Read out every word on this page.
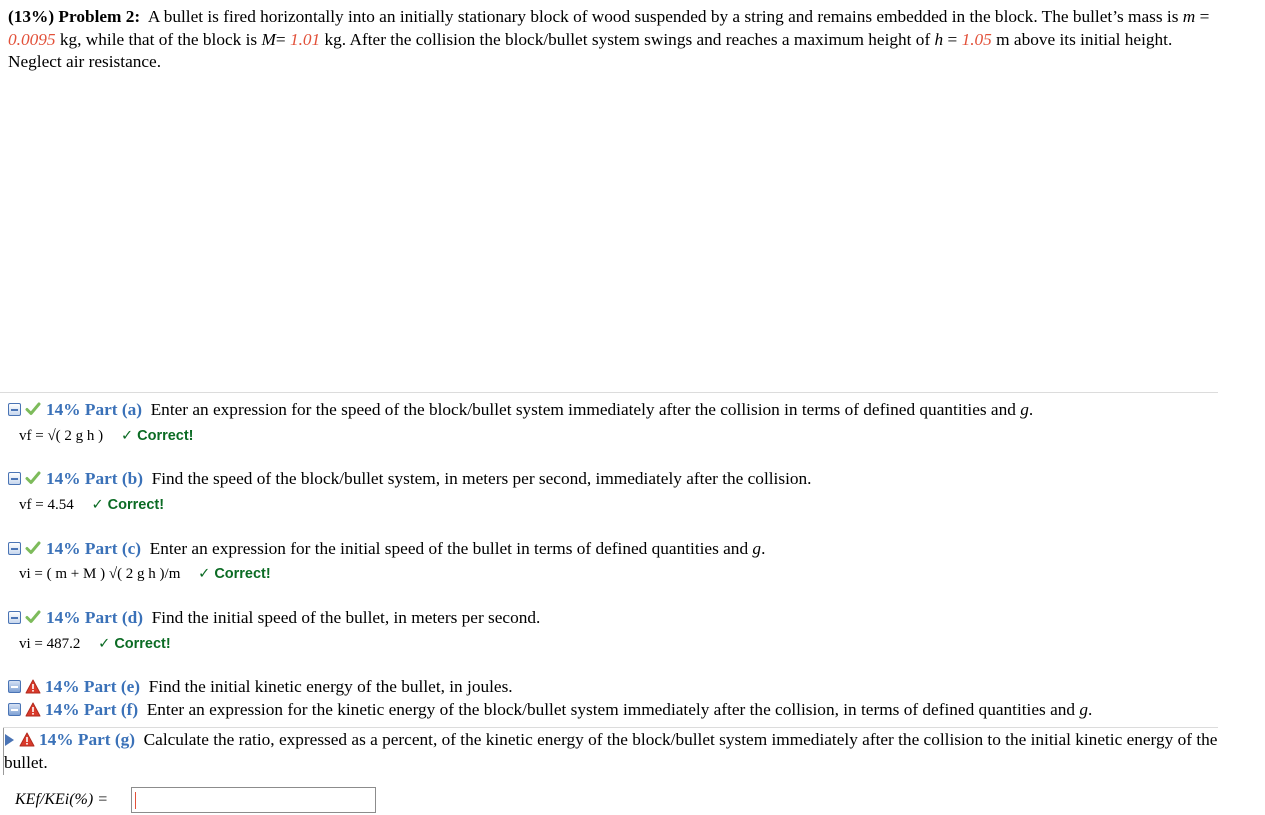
(13%) Problem 2: A bullet is fired horizontally into an initially stationary block of wood suspended by a string and remains embedded in the block. The bullet’s mass is m = 0.0095 kg, while that of the block is M= 1.01 kg. After the collision the block/bullet system swings and reaches a maximum height of h = 1.05 m above its initial height. Neglect air resistance.
14% Part (a) Enter an expression for the speed of the block/bullet system immediately after the collision in terms of defined quantities and g.
vf = √( 2 g h ) ✓ Correct!
14% Part (b) Find the speed of the block/bullet system, in meters per second, immediately after the collision.
vf = 4.54 ✓ Correct!
14% Part (c) Enter an expression for the initial speed of the bullet in terms of defined quantities and g.
vi = ( m + M ) √( 2 g h )/m ✓ Correct!
14% Part (d) Find the initial speed of the bullet, in meters per second.
vi = 487.2 ✓ Correct!
14% Part (e) Find the initial kinetic energy of the bullet, in joules.
14% Part (f) Enter an expression for the kinetic energy of the block/bullet system immediately after the collision, in terms of defined quantities and g.
14% Part (g) Calculate the ratio, expressed as a percent, of the kinetic energy of the block/bullet system immediately after the collision to the initial kinetic energy of the bullet.
KEf/KEi(%) =
